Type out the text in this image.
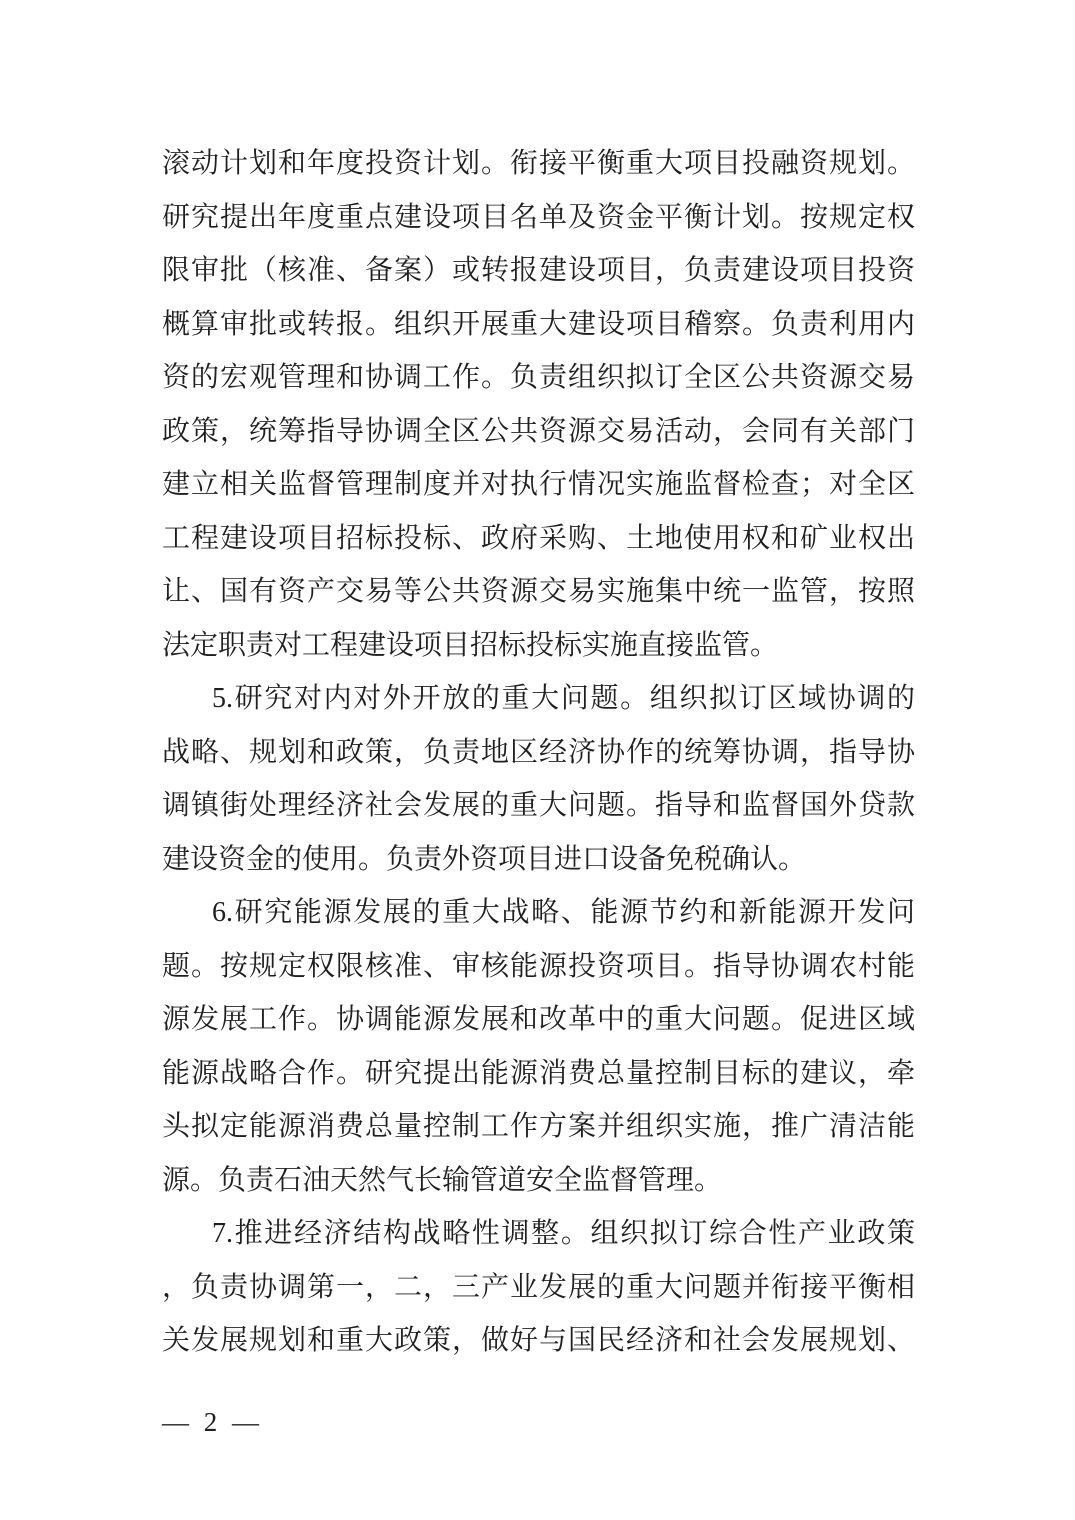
滚动计划和年度投资计划。衔接平衡重大项目投融资规划。
研究提出年度重点建设项目名单及资金平衡计划。按规定权
限审批（核准、备案）或转报建设项目，负责建设项目投资
概算审批或转报。组织开展重大建设项目稽察。负责利用内
资的宏观管理和协调工作。负责组织拟订全区公共资源交易
政策，统筹指导协调全区公共资源交易活动，会同有关部门
建立相关监督管理制度并对执行情况实施监督检查；对全区
工程建设项目招标投标、政府采购、土地使用权和矿业权出
让、国有资产交易等公共资源交易实施集中统一监管，按照
法定职责对工程建设项目招标投标实施直接监管。
5.研究对内对外开放的重大问题。组织拟订区域协调的
战略、规划和政策，负责地区经济协作的统筹协调，指导协
调镇街处理经济社会发展的重大问题。指导和监督国外贷款
建设资金的使用。负责外资项目进口设备免税确认。
6.研究能源发展的重大战略、能源节约和新能源开发问
题。按规定权限核准、审核能源投资项目。指导协调农村能
源发展工作。协调能源发展和改革中的重大问题。促进区域
能源战略合作。研究提出能源消费总量控制目标的建议，牵
头拟定能源消费总量控制工作方案并组织实施，推广清洁能
源。负责石油天然气长输管道安全监督管理。
7.推进经济结构战略性调整。组织拟订综合性产业政策
，负责协调第一，二，三产业发展的重大问题并衔接平衡相
关发展规划和重大政策，做好与国民经济和社会发展规划、
— 2 —
